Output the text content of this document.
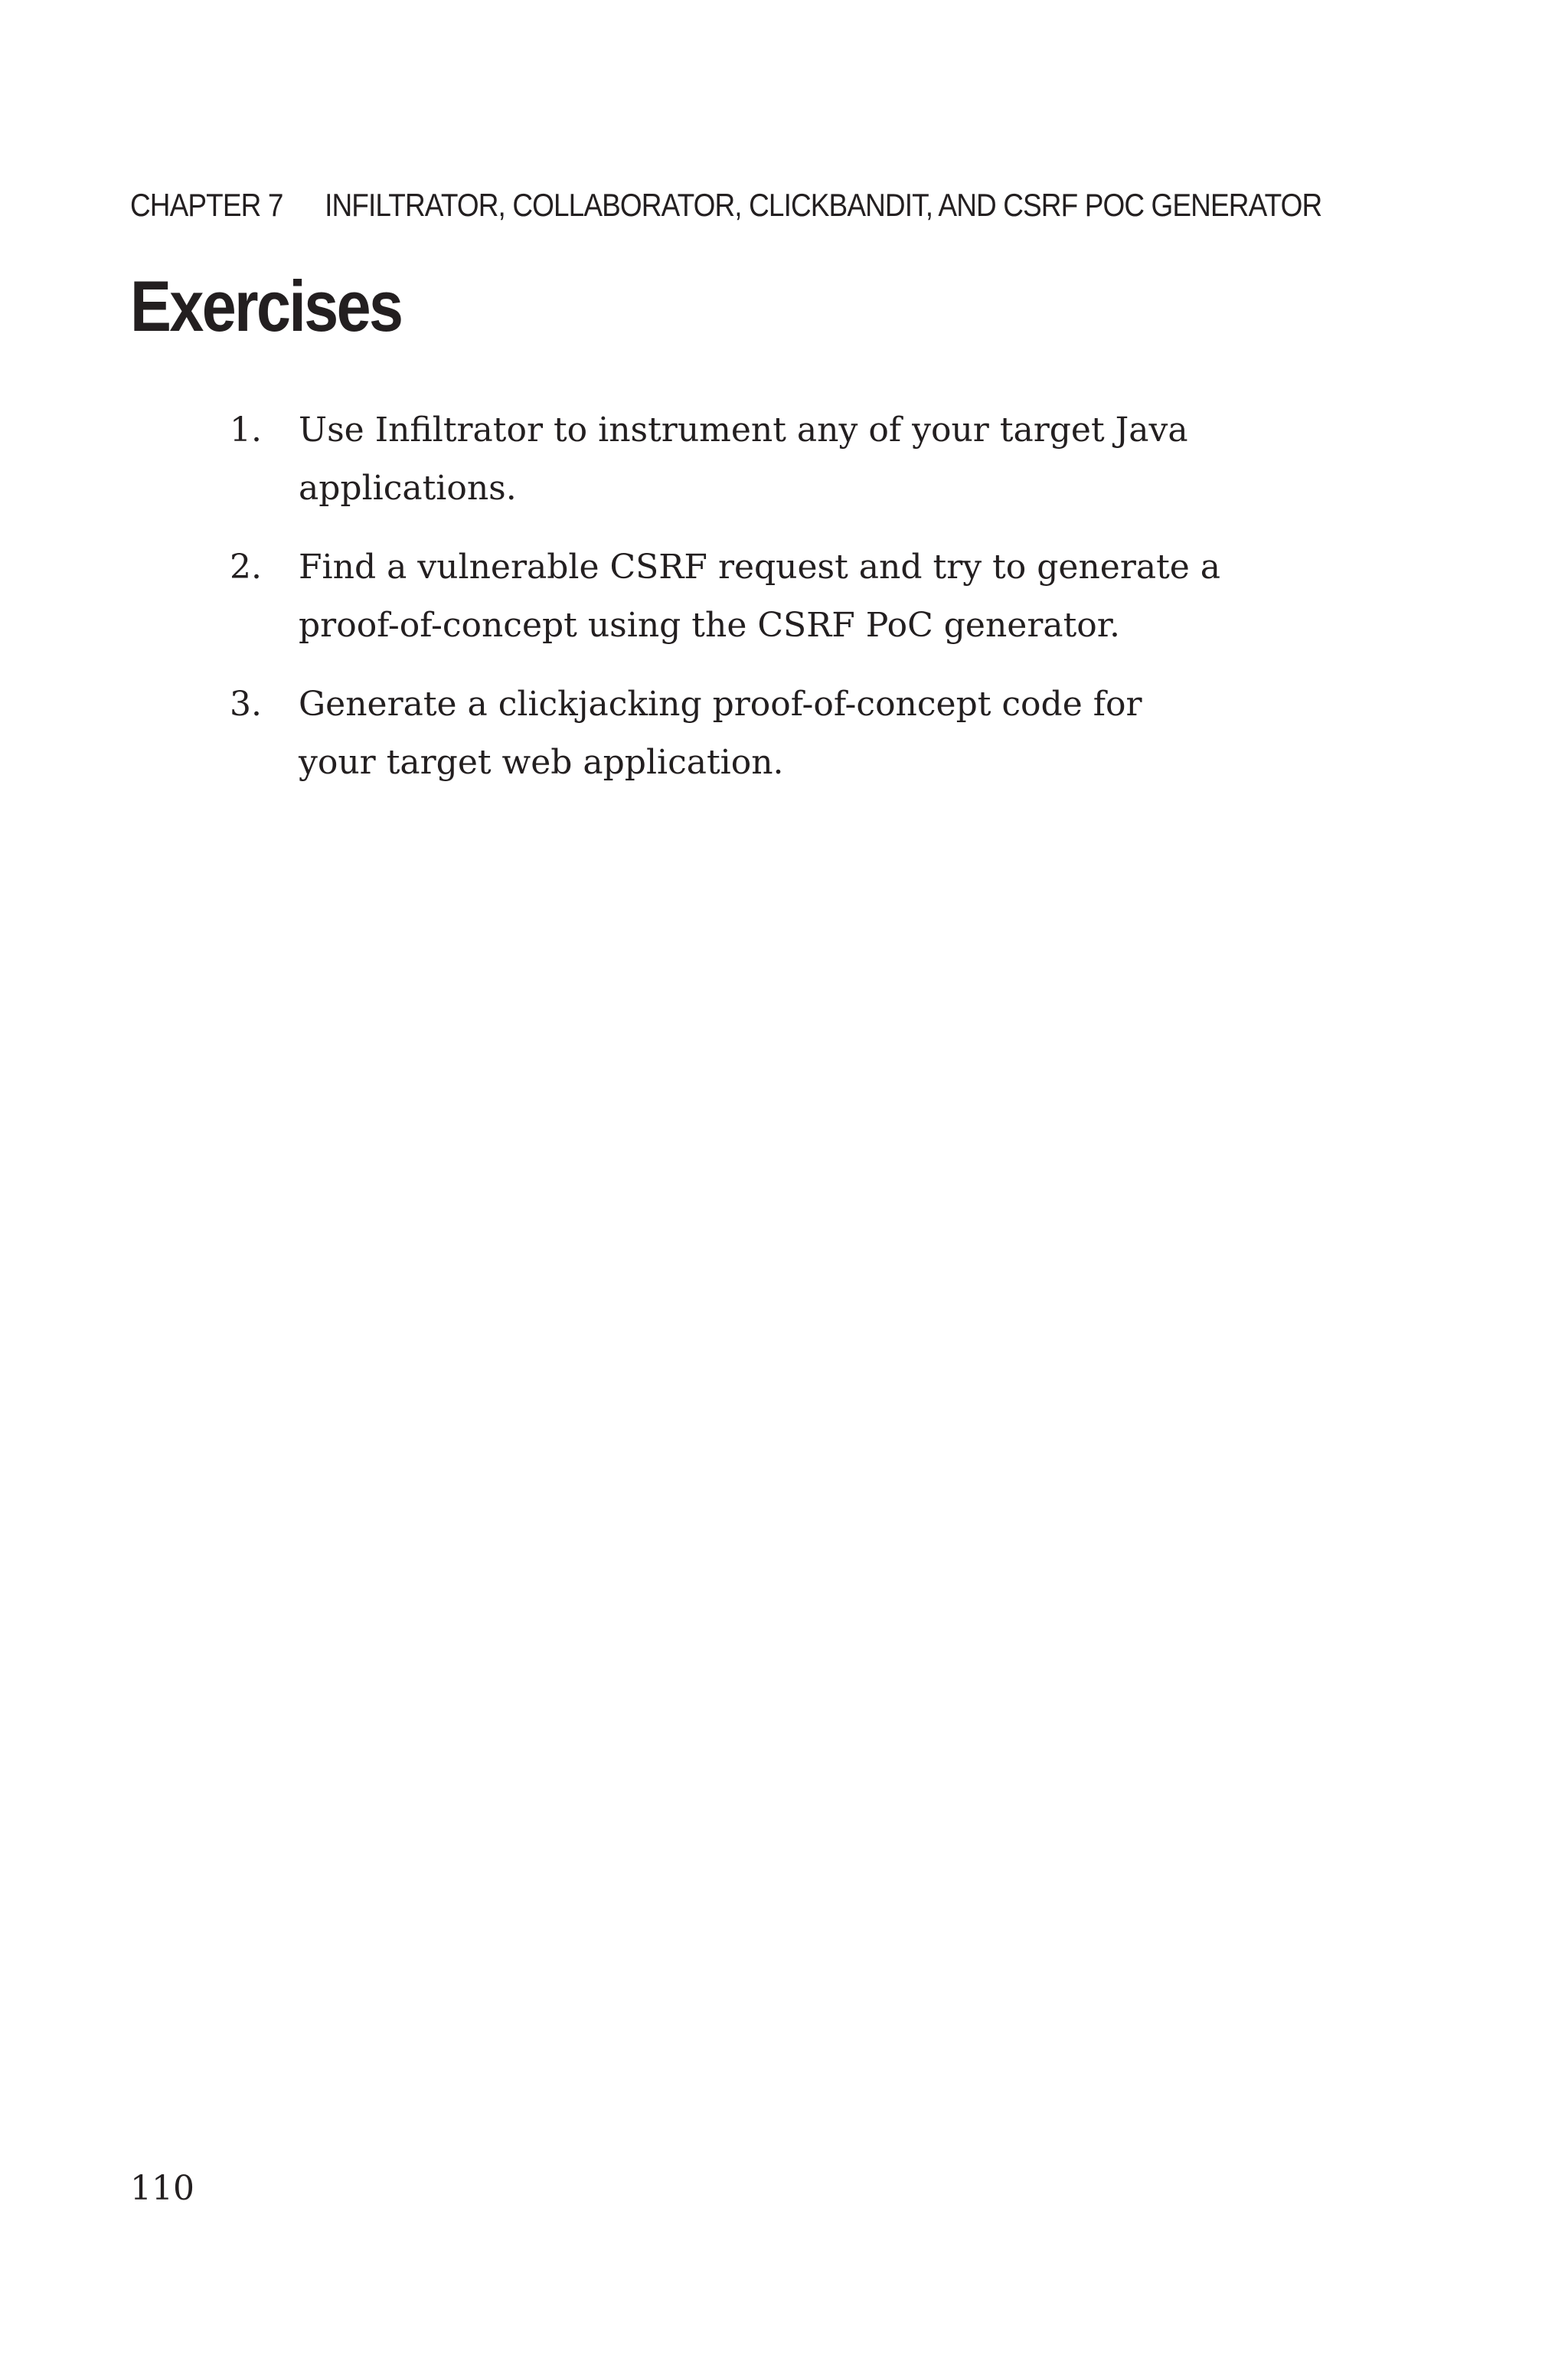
CHAPTER 7 INFILTRATOR, COLLABORATOR, CLICKBANDIT, AND CSRF POC GENERATOR
Exercises
1. Use Infiltrator to instrument any of your target Java
applications.
2. Find a vulnerable CSRF request and try to generate a
proof-of-concept using the CSRF PoC generator.
3. Generate a clickjacking proof-of-concept code for
your target web application.
110
